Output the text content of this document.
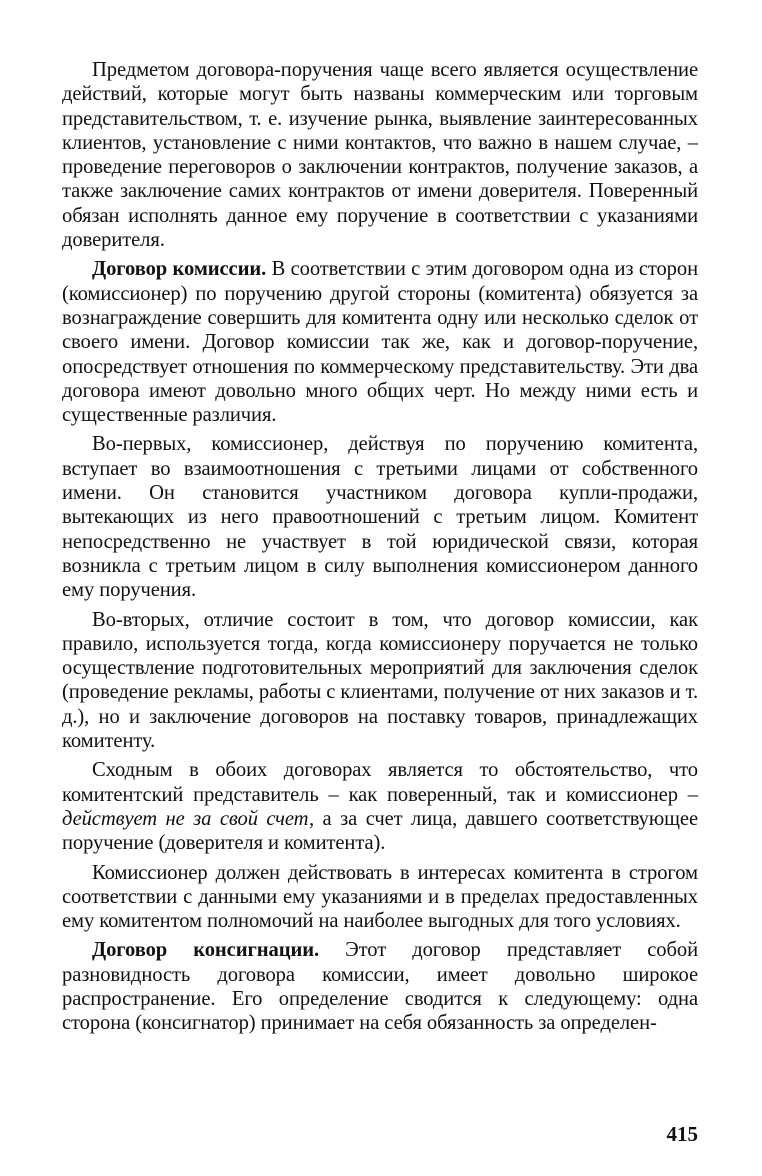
Предметом договора-поручения чаще всего является осуществление действий, которые могут быть названы коммерческим или торговым представительством, т. е. изучение рынка, выявление заинтересованных клиентов, установление с ними контактов, что важно в нашем случае, – проведение переговоров о заключении контрактов, получение заказов, а также заключение самих контрактов от имени доверителя. Поверенный обязан исполнять данное ему поручение в соответствии с указаниями доверителя.

Договор комиссии. В соответствии с этим договором одна из сторон (комиссионер) по поручению другой стороны (комитента) обязуется за вознаграждение совершить для комитента одну или несколько сделок от своего имени. Договор комиссии так же, как и договор-поручение, опосредствует отношения по коммерческому представительству. Эти два договора имеют довольно много общих черт. Но между ними есть и существенные различия.

Во-первых, комиссионер, действуя по поручению комитента, вступает во взаимоотношения с третьими лицами от собственного имени. Он становится участником договора купли-продажи, вытекающих из него правоотношений с третьим лицом. Комитент непосредственно не участвует в той юридической связи, которая возникла с третьим лицом в силу выполнения комиссионером данного ему поручения.

Во-вторых, отличие состоит в том, что договор комиссии, как правило, используется тогда, когда комиссионеру поручается не только осуществление подготовительных мероприятий для заключения сделок (проведение рекламы, работы с клиентами, получение от них заказов и т. д.), но и заключение договоров на поставку товаров, принадлежащих комитенту.

Сходным в обоих договорах является то обстоятельство, что комитентский представитель – как поверенный, так и комиссионер – действует не за свой счет, а за счет лица, давшего соответствующее поручение (доверителя и комитента).

Комиссионер должен действовать в интересах комитента в строгом соответствии с данными ему указаниями и в пределах предоставленных ему комитентом полномочий на наиболее выгодных для того условиях.

Договор консигнации. Этот договор представляет собой разновидность договора комиссии, имеет довольно широкое распространение. Его определение сводится к следующему: одна сторона (консигнатор) принимает на себя обязанность за определен-

415
